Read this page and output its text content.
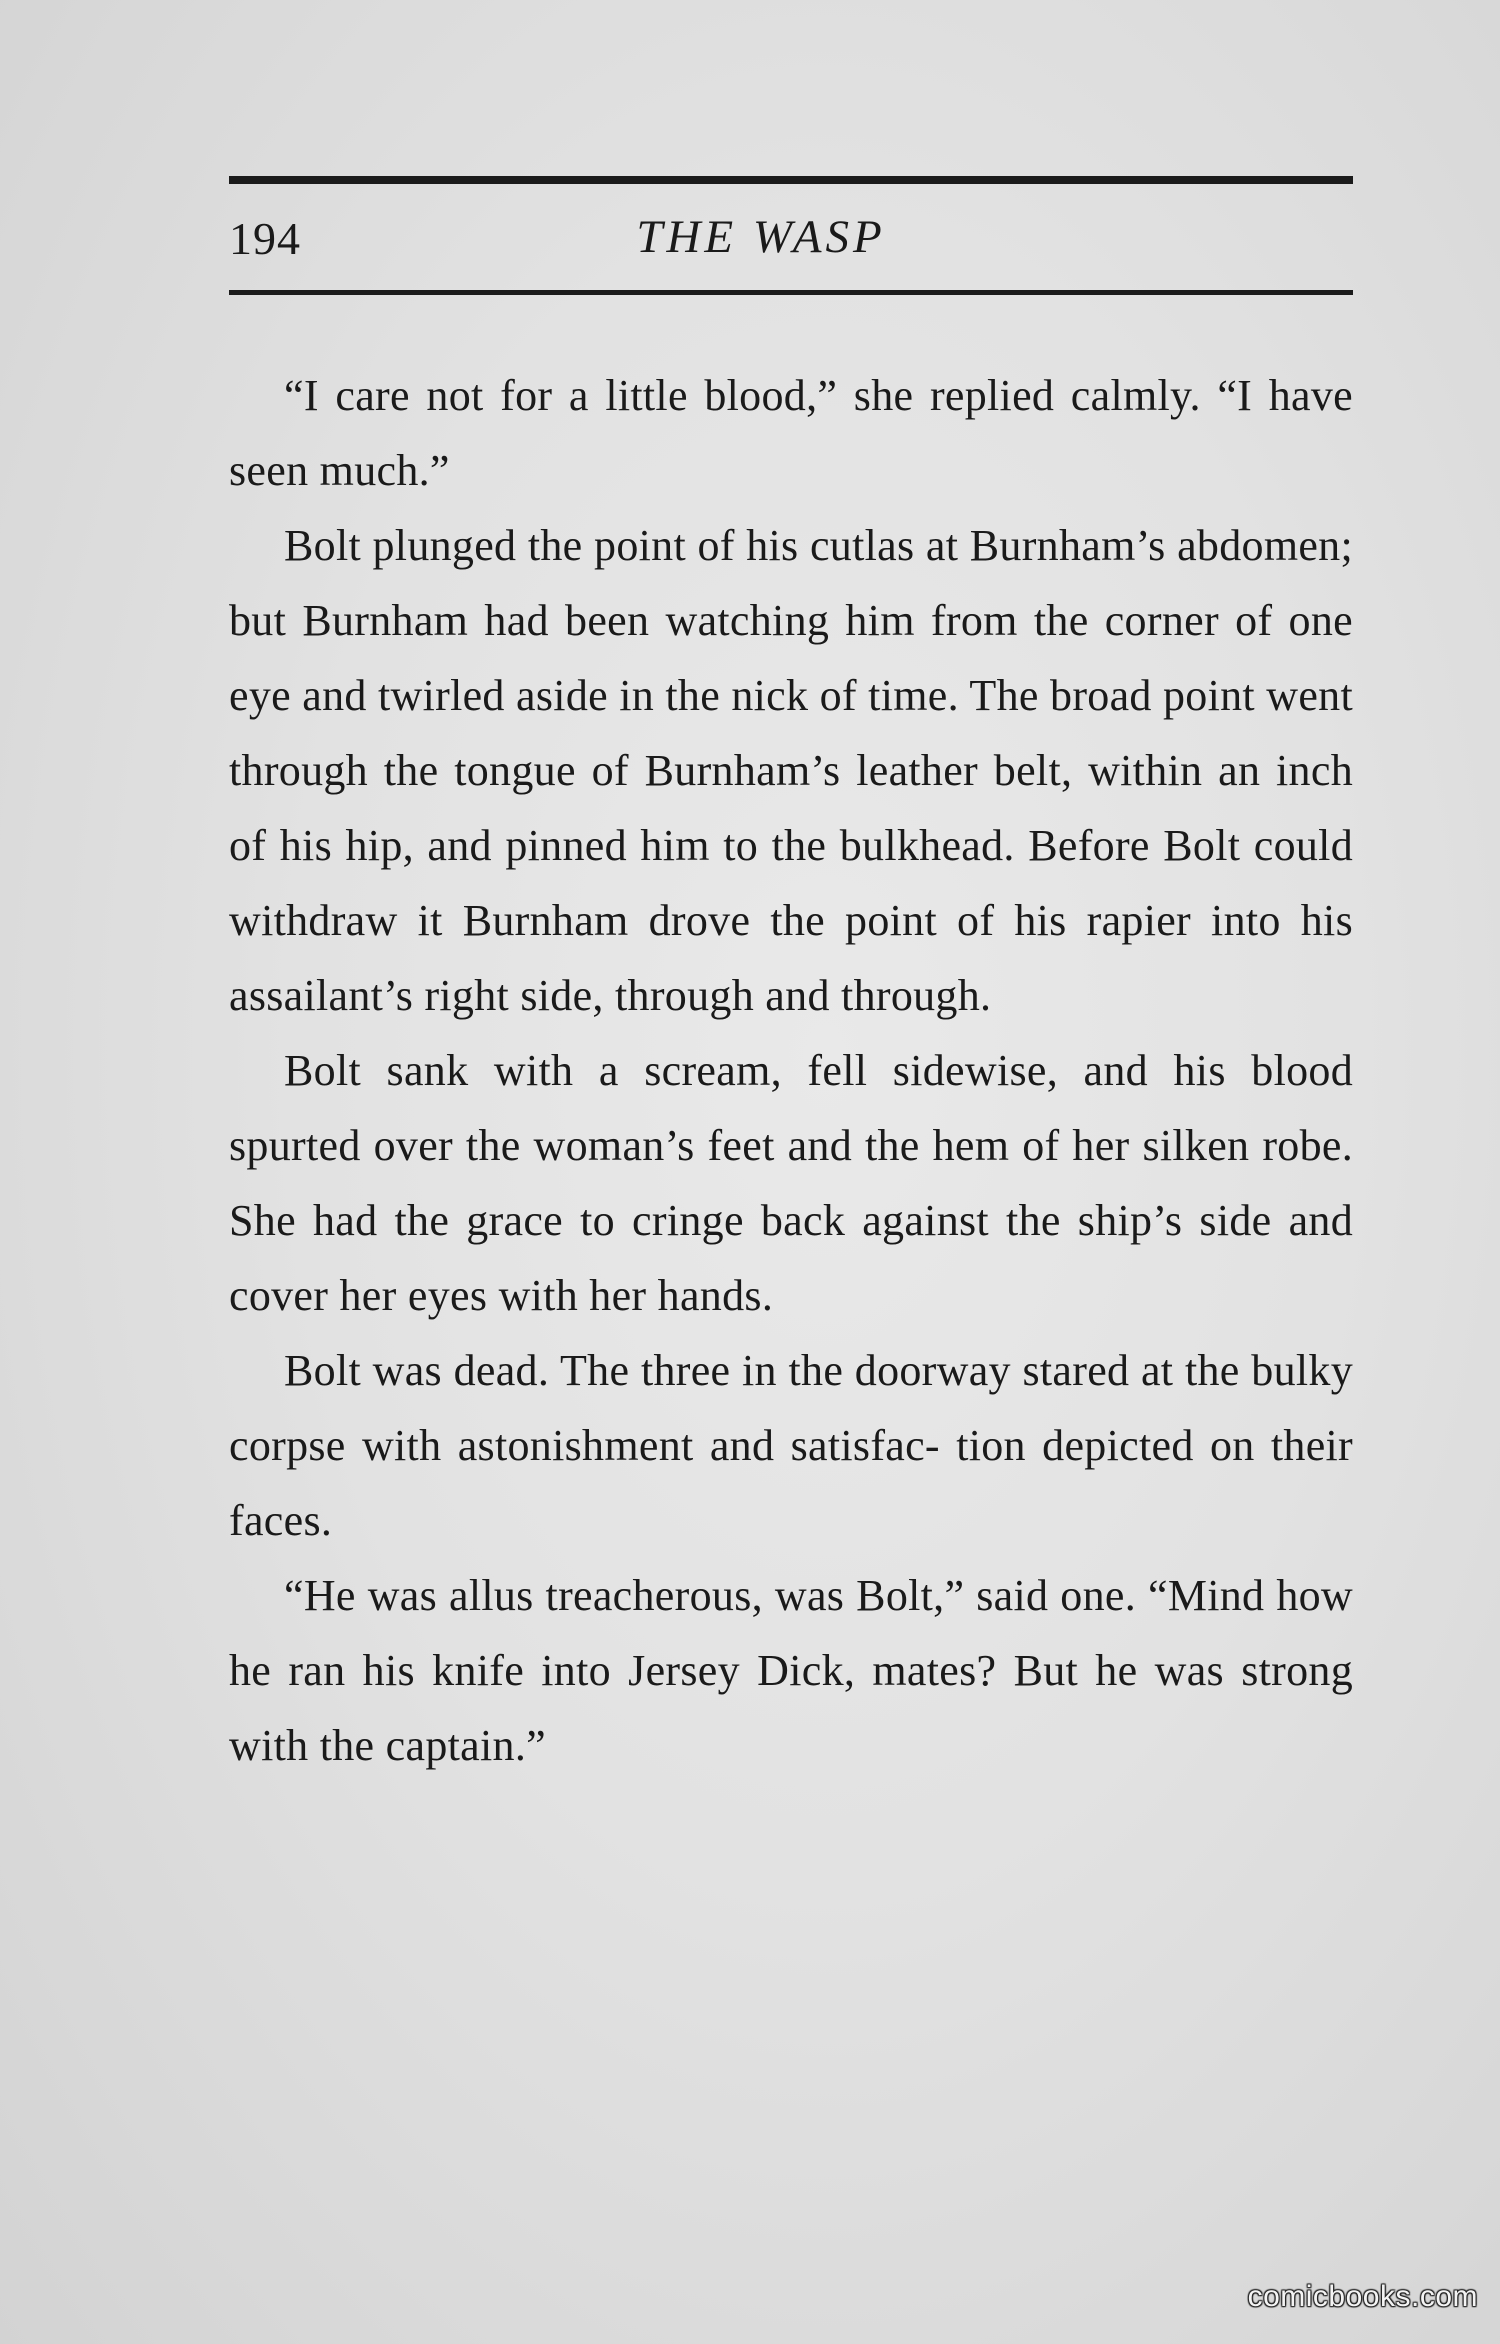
194	THE WASP

“I care not for a little blood,” she replied calmly. “I have seen much.”

Bolt plunged the point of his cutlas at Burnham’s abdomen; but Burnham had been watching him from the corner of one eye and twirled aside in the nick of time. The broad point went through the tongue of Burnham’s leather belt, within an inch of his hip, and pinned him to the bulkhead. Before Bolt could withdraw it Burnham drove the point of his rapier into his assailant’s right side, through and through.

Bolt sank with a scream, fell sidewise, and his blood spurted over the woman’s feet and the hem of her silken robe. She had the grace to cringe back against the ship’s side and cover her eyes with her hands.

Bolt was dead. The three in the doorway stared at the bulky corpse with astonishment and satisfac- tion depicted on their faces.

“He was allus treacherous, was Bolt,” said one. “Mind how he ran his knife into Jersey Dick, mates? But he was strong with the captain.”

comicbooks.com
